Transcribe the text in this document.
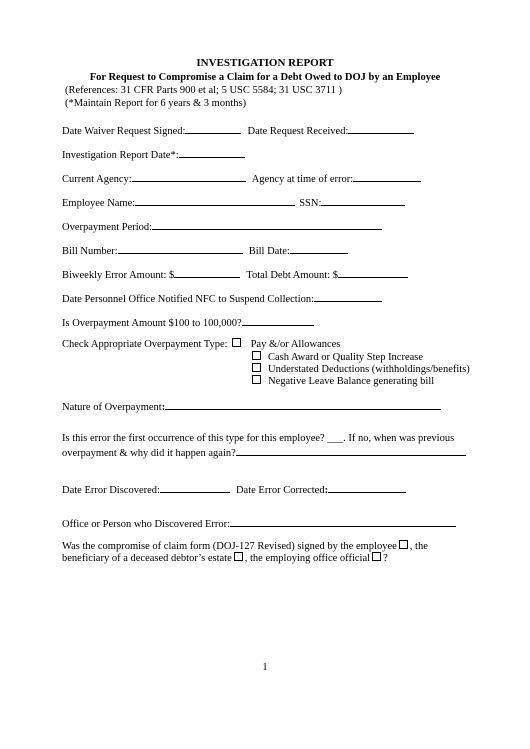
INVESTIGATION REPORT
For Request to Compromise a Claim for a Debt Owed to DOJ by an Employee
(References: 31 CFR Parts 900 et al; 5 USC 5584; 31 USC 3711 )
(*Maintain Report for 6 years & 3 months)
Date Waiver Request Signed:	Date Request Received:
Investigation Report Date*:
Current Agency:	Agency at time of error:
Employee Name:	SSN:
Overpayment Period:
Bill Number:	Bill Date:
Biweekly Error Amount: $	Total Debt Amount: $
Date Personnel Office Notified NFC to Suspend Collection:
Is Overpayment Amount $100 to 100,000?
Check Appropriate Overpayment Type: Pay &/or Allowances
Cash Award or Quality Step Increase
Understated Deductions (withholdings/benefits)
Negative Leave Balance generating bill
Nature of Overpayment :
Is this error the first occurrence of this type for this employee? ___. If no, when was previous
overpayment & why did it happen again?
Date Error Discovered:	Date Error Corrected :
Office or Person who Discovered Error:
Was the compromise of claim form (DOJ-127 Revised) signed by the employee , the
beneficiary of a deceased debtor’s estate , the employing office official ?
1
